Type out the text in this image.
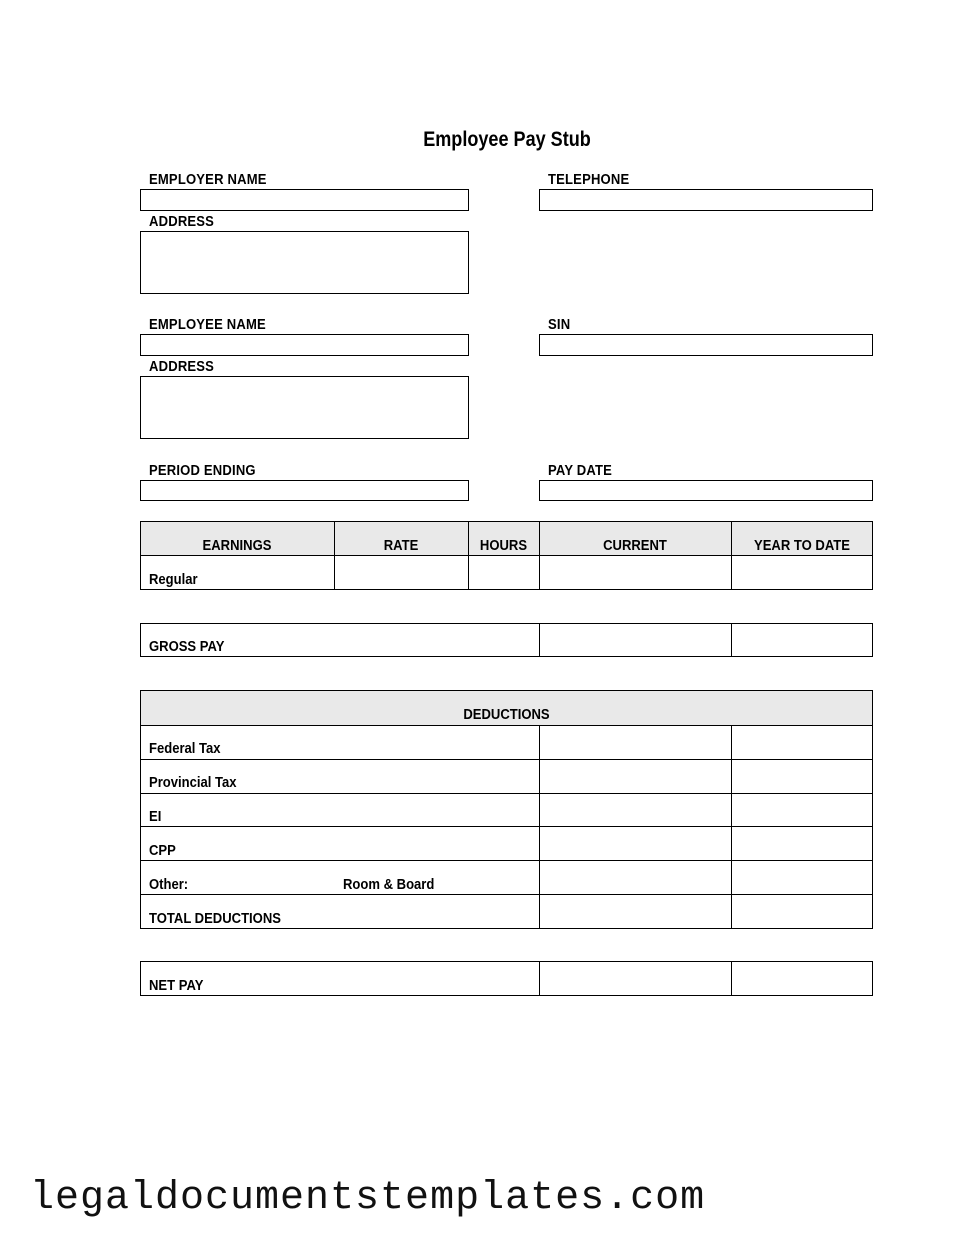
Employee Pay Stub
EMPLOYER NAME	TELEPHONE
ADDRESS
EMPLOYEE NAME	SIN
ADDRESS
PERIOD ENDING	PAY DATE
EARNINGS	RATE	HOURS	CURRENT	YEAR TO DATE
Regular
GROSS PAY
DEDUCTIONS
Federal Tax
Provincial Tax
EI
CPP
Other:	Room & Board
TOTAL DEDUCTIONS
NET PAY
legaldocumentstemplates.com
